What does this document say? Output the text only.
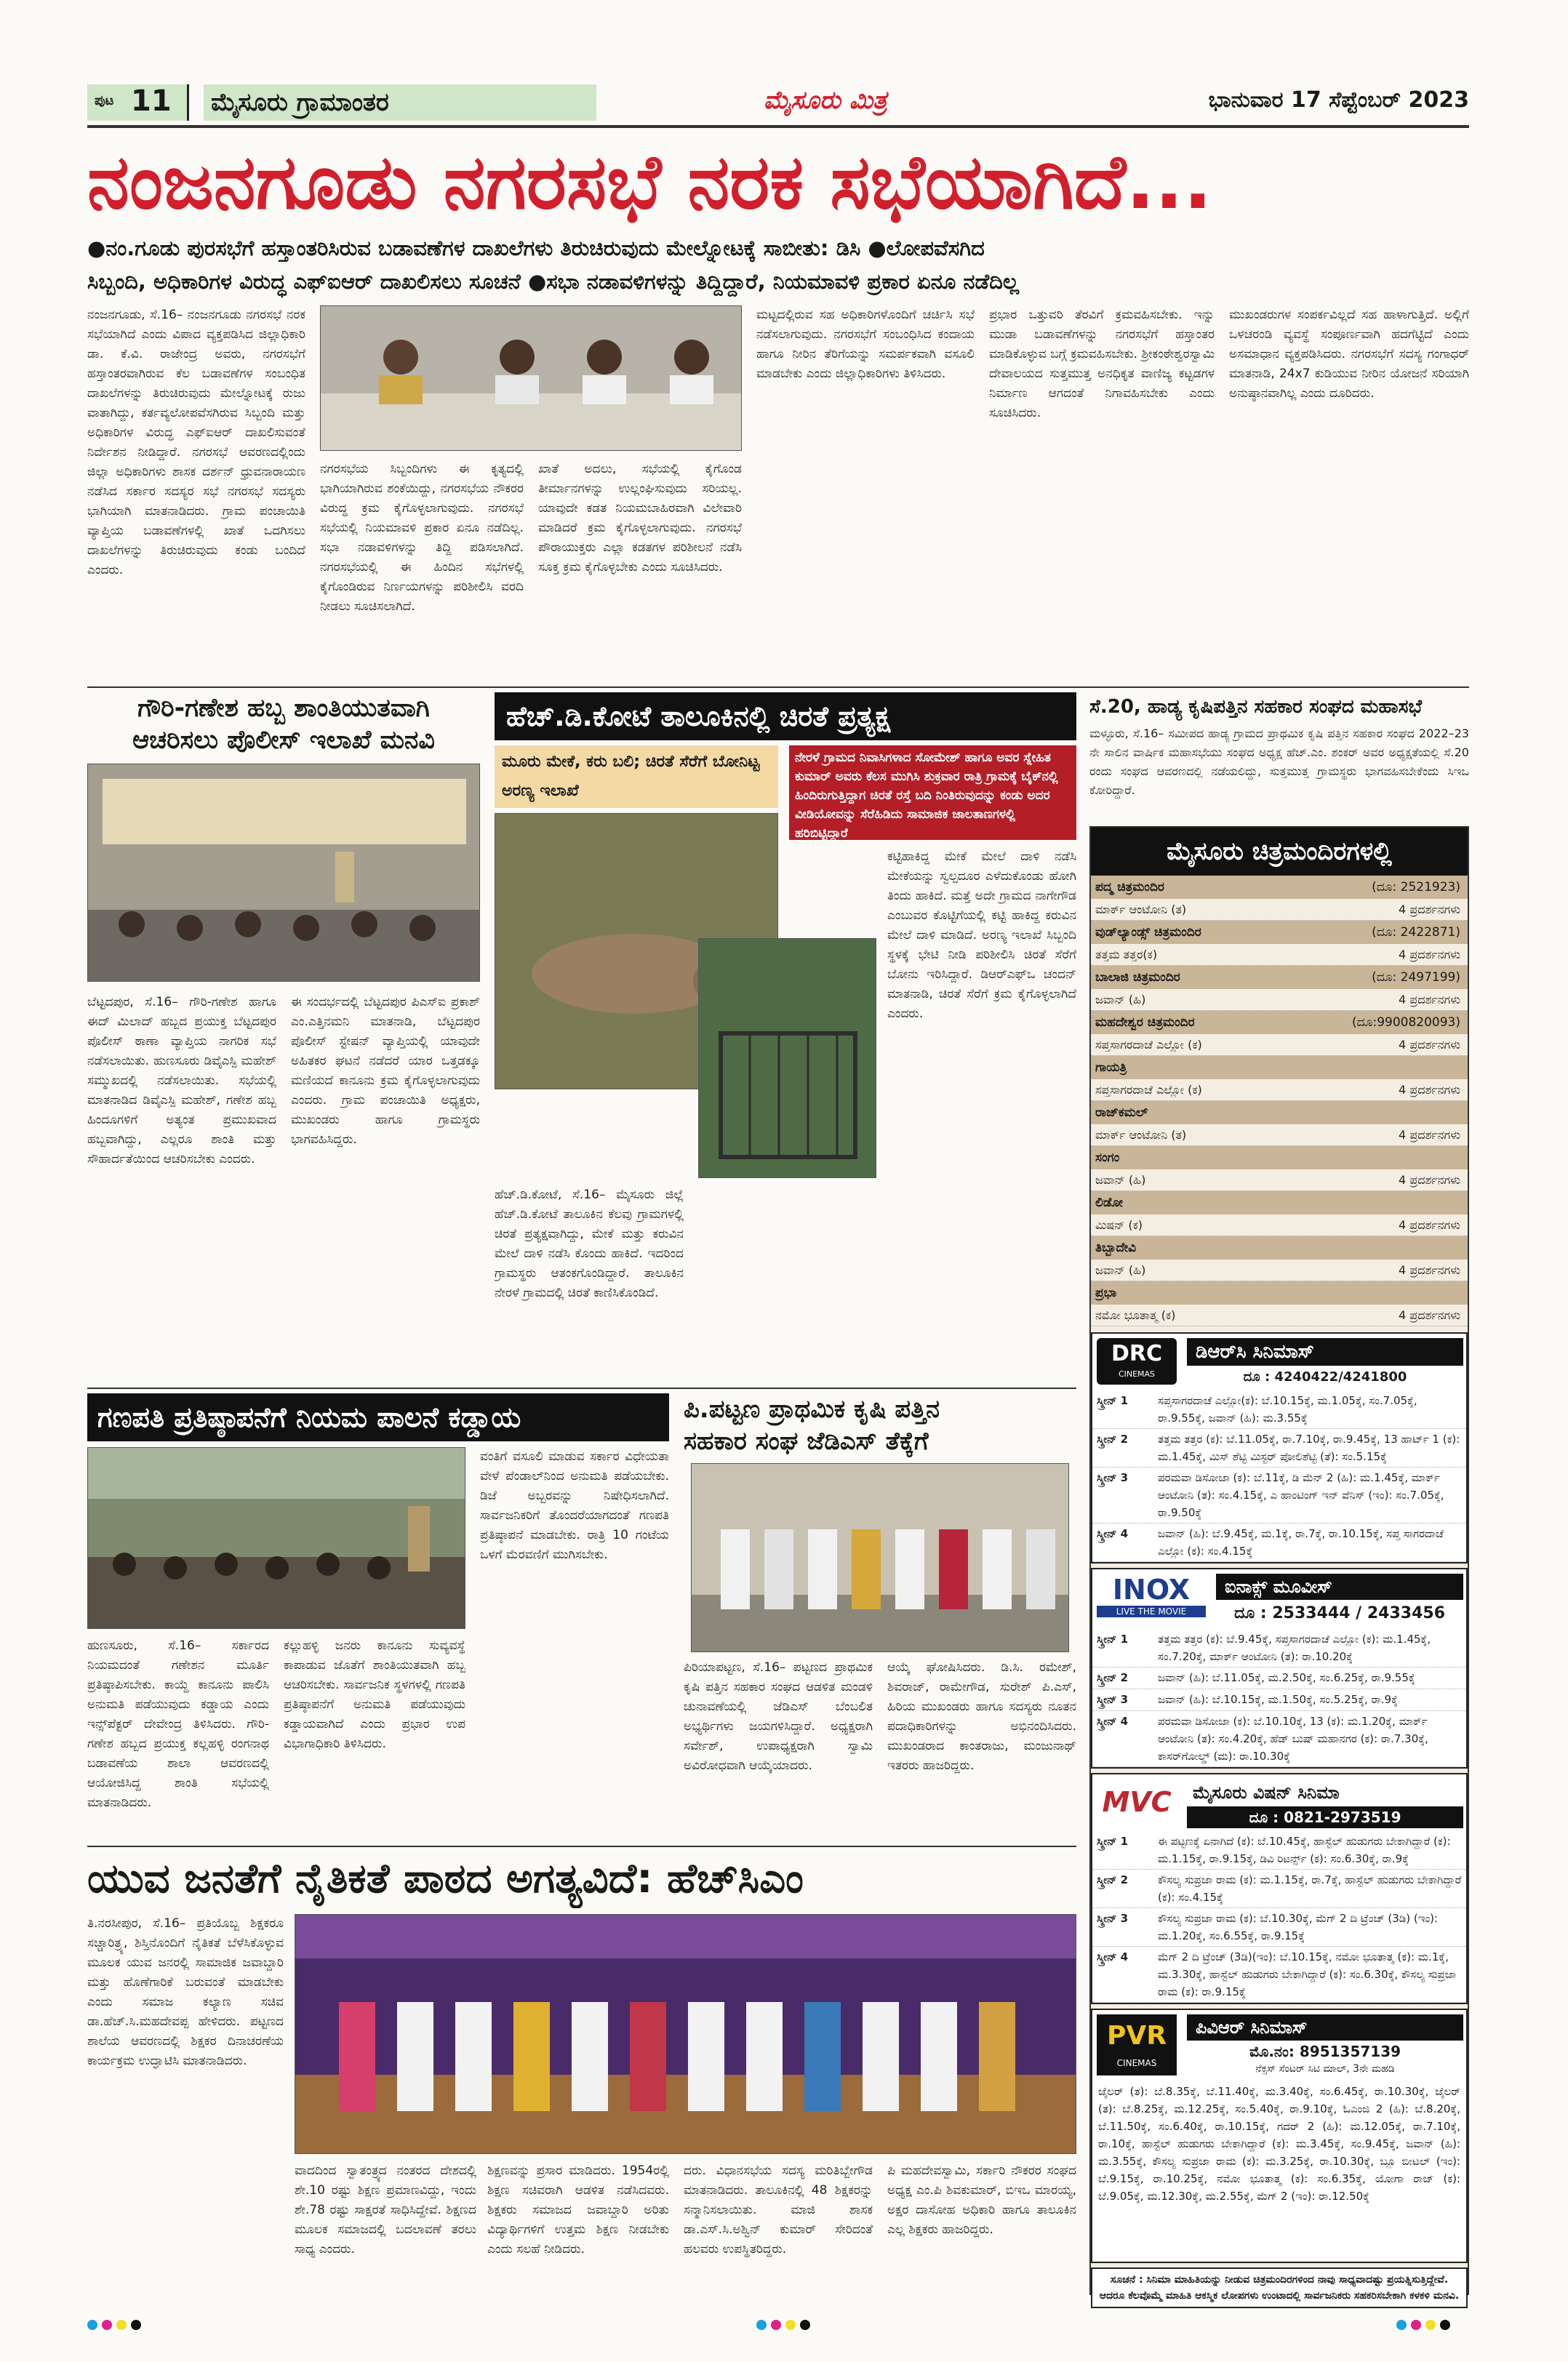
ಪುಟ 11 ಮೈಸೂರು ಗ್ರಾಮಾಂತರ	ಮೈಸೂರು ಮಿತ್ರ	ಭಾನುವಾರ 17 ಸೆಪ್ಟೆಂಬರ್ 2023
ನಂಜನಗೂಡು ನಗರಸಭೆ ನರಕ ಸಭೆಯಾಗಿದೆ...
●ನಂ.ಗೂಡು ಪುರಸಭೆಗೆ ಹಸ್ತಾಂತರಿಸಿರುವ ಬಡಾವಣೆಗಳ ದಾಖಲೆಗಳು ತಿರುಚಿರುವುದು ಮೇಲ್ನೋಟಕ್ಕೆ ಸಾಬೀತು: ಡಿಸಿ ●ಲೋಪವೆಸಗಿದ
ಸಿಬ್ಬಂದಿ, ಅಧಿಕಾರಿಗಳ ವಿರುದ್ಧ ಎಫ್‌ಐಆರ್ ದಾಖಲಿಸಲು ಸೂಚನೆ ●ಸಭಾ ನಡಾವಳಿಗಳನ್ನು ತಿದ್ದಿದ್ದಾರೆ, ನಿಯಮಾವಳಿ ಪ್ರಕಾರ ಏನೂ ನಡೆದಿಲ್ಲ
ನಂಜನಗೂಡು, ಸೆ.16– ನಂಜನಗೂಡು ನಗರಸಭೆ ನರಕ ಸಭೆಯಾಗಿದೆ ಎಂದು ವಿಪಾದ ವ್ಯಕ್ತಪಡಿಸಿದ ಜಿಲ್ಲಾಧಿಕಾರಿ ಡಾ. ಕೆ.ವಿ. ರಾಜೇಂದ್ರ ಅವರು, ನಗರಸಭೆಗೆ ಹಸ್ತಾಂತರವಾಗಿರುವ ಕೆಲ ಬಡಾವಣೆಗಳ ಸಂಬಂಧಿತ ದಾಖಲೆಗಳನ್ನು ತಿರುಚಿರುವುದು ಮೇಲ್ನೋಟಕ್ಕೆ ರುಜು ವಾತಾಗಿದ್ದು, ಕರ್ತವ್ಯಲೋಪವೆಸಗಿರುವ ಸಿಬ್ಬಂದಿ ಮತ್ತು ಅಧಿಕಾರಿಗಳ ವಿರುದ್ಧ ಎಫ್‌ಐಆರ್ ದಾಖಲಿಸುವಂತೆ ನಿರ್ದೇಶನ ನೀಡಿದ್ದಾರೆ. ನಗರಸಭೆ ಆವರಣದಲ್ಲಿಂದು ಜಿಲ್ಲಾ ಅಧಿಕಾರಿಗಳು ಶಾಸಕ ದರ್ಶನ್ ಧ್ರುವನಾರಾಯಣ ನಡೆಸಿದ ಸರ್ಕಾರ ಸದಸ್ಯರ ಸಭೆ ನಗರಸಭೆ ಸದಸ್ಯರು ಭಾಗಿಯಾಗಿ ಮಾತನಾಡಿದರು. ಗ್ರಾಮ ಪಂಚಾಯಿತಿ ವ್ಯಾಪ್ತಿಯ ಬಡಾವಣೆಗಳಲ್ಲಿ ಖಾತೆ ಒದಗಿಸಲು ದಾಖಲೆಗಳನ್ನು ತಿರುಚಿರುವುದು ಕಂಡು ಬಂದಿದೆ ಎಂದರು.
ನಗರಸಭೆಯ ಸಿಬ್ಬಂದಿಗಳು ಈ ಕೃತ್ಯದಲ್ಲಿ ಭಾಗಿಯಾಗಿರುವ ಶಂಕೆಯಿದ್ದು, ನಗರಸಭೆಯ ನೌಕರರ ವಿರುದ್ಧ ಕ್ರಮ ಕೈಗೊಳ್ಳಲಾಗುವುದು. ನಗರಸಭೆ ಸಭೆಯಲ್ಲಿ ನಿಯಮಾವಳಿ ಪ್ರಕಾರ ಏನೂ ನಡೆದಿಲ್ಲ. ಸಭಾ ನಡಾವಳಿಗಳನ್ನು ತಿದ್ದಿ ಪಡಿಸಲಾಗಿದೆ. ನಗರಸಭೆಯಲ್ಲಿ ಈ ಹಿಂದಿನ ಸಭೆಗಳಲ್ಲಿ ಕೈಗೊಂಡಿರುವ ನಿರ್ಣಯಗಳನ್ನು ಪರಿಶೀಲಿಸಿ ವರದಿ ನೀಡಲು ಸೂಚಿಸಲಾಗಿದೆ.
ಖಾತೆ ಅದಲು, ಸಭೆಯಲ್ಲಿ ಕೈಗೊಂಡ ತೀರ್ಮಾನಗಳನ್ನು ಉಲ್ಲಂಘಿಸುವುದು ಸರಿಯಲ್ಲ. ಯಾವುದೇ ಕಡತ ನಿಯಮಬಾಹಿರವಾಗಿ ವಿಲೇವಾರಿ ಮಾಡಿದರೆ ಕ್ರಮ ಕೈಗೊಳ್ಳಲಾಗುವುದು. ನಗರಸಭೆ ಪೌರಾಯುಕ್ತರು ಎಲ್ಲಾ ಕಡತಗಳ ಪರಿಶೀಲನೆ ನಡೆಸಿ ಸೂಕ್ತ ಕ್ರಮ ಕೈಗೊಳ್ಳಬೇಕು ಎಂದು ಸೂಚಿಸಿದರು.
ಮಟ್ಟದಲ್ಲಿರುವ ಸಹ ಅಧಿಕಾರಿಗಳೊಂದಿಗೆ ಚರ್ಚಿಸಿ ಸಭೆ ನಡೆಸಲಾಗುವುದು. ನಗರಸಭೆಗೆ ಸಂಬಂಧಿಸಿದ ಕಂದಾಯ ಹಾಗೂ ನೀರಿನ ತೆರಿಗೆಯನ್ನು ಸಮರ್ಪಕವಾಗಿ ವಸೂಲಿ ಮಾಡಬೇಕು ಎಂದು ಜಿಲ್ಲಾಧಿಕಾರಿಗಳು ತಿಳಿಸಿದರು.
ಪ್ರಭಾರ ಒತ್ತುವರಿ ತೆರವಿಗೆ ಕ್ರಮವಹಿಸಬೇಕು. ಇನ್ನು ಮುಡಾ ಬಡಾವಣೆಗಳನ್ನು ನಗರಸಭೆಗೆ ಹಸ್ತಾಂತರ ಮಾಡಿಕೊಳ್ಳುವ ಬಗ್ಗೆ ಕ್ರಮವಹಿಸಬೇಕು. ಶ್ರೀಕಂಠೇಶ್ವರಸ್ವಾಮಿ ದೇವಾಲಯದ ಸುತ್ತಮುತ್ತ ಅನಧಿಕೃತ ವಾಣಿಜ್ಯ ಕಟ್ಟಡಗಳ ನಿರ್ಮಾಣ ಆಗದಂತೆ ನಿಗಾವಹಿಸಬೇಕು ಎಂದು ಸೂಚಿಸಿದರು.
ಮುಖಂಡರುಗಳ ಸಂಪರ್ಕವಿಲ್ಲದೆ ಸಹ ಹಾಳಾಗುತ್ತಿದೆ. ಅಲ್ಲಿಗೆ ಒಳಚರಂಡಿ ವ್ಯವಸ್ಥೆ ಸಂಪೂರ್ಣವಾಗಿ ಹದಗೆಟ್ಟಿದೆ ಎಂದು ಅಸಮಾಧಾನ ವ್ಯಕ್ತಪಡಿಸಿದರು. ನಗರಸಭೆಗೆ ಸದಸ್ಯ ಗಂಗಾಧರ್ ಮಾತನಾಡಿ, 24x7 ಕುಡಿಯುವ ನೀರಿನ ಯೋಜನೆ ಸರಿಯಾಗಿ ಅನುಷ್ಠಾನವಾಗಿಲ್ಲ ಎಂದು ದೂರಿದರು.
ಗೌರಿ-ಗಣೇಶ ಹಬ್ಬ ಶಾಂತಿಯುತವಾಗಿ
ಆಚರಿಸಲು ಪೊಲೀಸ್ ಇಲಾಖೆ ಮನವಿ
ಬೆಟ್ಟದಪುರ, ಸೆ.16– ಗೌರಿ-ಗಣೇಶ ಹಾಗೂ ಈದ್ ಮಿಲಾದ್ ಹಬ್ಬದ ಪ್ರಯುಕ್ತ ಬೆಟ್ಟದಪುರ ಪೊಲೀಸ್ ಠಾಣಾ ವ್ಯಾಪ್ತಿಯ ನಾಗರಿಕ ಸಭೆ ನಡೆಸಲಾಯಿತು. ಹುಣಸೂರು ಡಿವೈಎಸ್ಪಿ ಮಹೇಶ್ ಸಮ್ಮುಖದಲ್ಲಿ ನಡೆಸಲಾಯಿತು. ಸಭೆಯಲ್ಲಿ ಮಾತನಾಡಿದ ಡಿವೈಎಸ್ಪಿ ಮಹೇಶ್, ಗಣೇಶ ಹಬ್ಬ ಹಿಂದೂಗಳಿಗೆ ಅತ್ಯಂತ ಪ್ರಮುಖವಾದ ಹಬ್ಬವಾಗಿದ್ದು, ಎಲ್ಲರೂ ಶಾಂತಿ ಮತ್ತು ಸೌಹಾರ್ದತೆಯಿಂದ ಆಚರಿಸಬೇಕು ಎಂದರು.
ಈ ಸಂದರ್ಭದಲ್ಲಿ ಬೆಟ್ಟದಪುರ ಪಿಎಸ್ಐ ಪ್ರಕಾಶ್ ಎಂ.ಎತ್ತಿನಮನಿ ಮಾತನಾಡಿ, ಬೆಟ್ಟದಪುರ ಪೊಲೀಸ್ ಸ್ಟೇಷನ್ ವ್ಯಾಪ್ತಿಯಲ್ಲಿ ಯಾವುದೇ ಅಹಿತಕರ ಘಟನೆ ನಡೆದರೆ ಯಾರ ಒತ್ತಡಕ್ಕೂ ಮಣಿಯದೆ ಕಾನೂನು ಕ್ರಮ ಕೈಗೊಳ್ಳಲಾಗುವುದು ಎಂದರು. ಗ್ರಾಮ ಪಂಚಾಯಿತಿ ಅಧ್ಯಕ್ಷರು, ಮುಖಂಡರು ಹಾಗೂ ಗ್ರಾಮಸ್ಥರು ಭಾಗವಹಿಸಿದ್ದರು.
ಹೆಚ್.ಡಿ.ಕೋಟೆ ತಾಲೂಕಿನಲ್ಲಿ ಚಿರತೆ ಪ್ರತ್ಯಕ್ಷ
ಮೂರು ಮೇಕೆ, ಕರು ಬಲಿ; ಚಿರತೆ ಸೆರೆಗೆ ಬೋನಿಟ್ಟ ಅರಣ್ಯ ಇಲಾಖೆ
ನೇರಳೆ ಗ್ರಾಮದ ನಿವಾಸಿಗಳಾದ ಸೋಮೇಶ್ ಹಾಗೂ ಅವರ ಸ್ನೇಹಿತ ಕುಮಾರ್ ಅವರು ಕೆಲಸ ಮುಗಿಸಿ ಶುಕ್ರವಾರ ರಾತ್ರಿ ಗ್ರಾಮಕ್ಕೆ ಬೈಕ್‌ನಲ್ಲಿ ಹಿಂದಿರುಗುತ್ತಿದ್ದಾಗ ಚಿರತೆ ರಸ್ತೆ ಬದಿ ನಿಂತಿರುವುದನ್ನು ಕಂಡು ಅದರ ವೀಡಿಯೋವನ್ನು ಸೆರೆಹಿಡಿದು ಸಾಮಾಜಿಕ ಜಾಲತಾಣಗಳಲ್ಲಿ ಹರಿಬಿಟ್ಟಿದ್ದಾರೆ
ಹೆಚ್.ಡಿ.ಕೋಟೆ, ಸೆ.16– ಮೈಸೂರು ಜಿಲ್ಲೆ ಹೆಚ್.ಡಿ.ಕೋಟೆ ತಾಲೂಕಿನ ಕೆಲವು ಗ್ರಾಮಗಳಲ್ಲಿ ಚಿರತೆ ಪ್ರತ್ಯಕ್ಷವಾಗಿದ್ದು, ಮೇಕೆ ಮತ್ತು ಕರುವಿನ ಮೇಲೆ ದಾಳಿ ನಡೆಸಿ ಕೊಂದು ಹಾಕಿದೆ. ಇದರಿಂದ ಗ್ರಾಮಸ್ಥರು ಆತಂಕಗೊಂಡಿದ್ದಾರೆ. ತಾಲೂಕಿನ ನೇರಳೆ ಗ್ರಾಮದಲ್ಲಿ ಚಿರತೆ ಕಾಣಿಸಿಕೊಂಡಿದೆ.
ಕಟ್ಟಿಹಾಕಿದ್ದ ಮೇಕೆ ಮೇಲೆ ದಾಳಿ ನಡೆಸಿ ಮೇಕೆಯನ್ನು ಸ್ವಲ್ಪದೂರ ಎಳೆದುಕೊಂಡು ಹೋಗಿ ತಿಂದು ಹಾಕಿದೆ. ಮತ್ತೆ ಅದೇ ಗ್ರಾಮದ ನಾಗೇಗೌಡ ಎಂಬುವರ ಕೊಟ್ಟಿಗೆಯಲ್ಲಿ ಕಟ್ಟಿ ಹಾಕಿದ್ದ ಕರುವಿನ ಮೇಲೆ ದಾಳಿ ಮಾಡಿದೆ. ಅರಣ್ಯ ಇಲಾಖೆ ಸಿಬ್ಬಂದಿ ಸ್ಥಳಕ್ಕೆ ಭೇಟಿ ನೀಡಿ ಪರಿಶೀಲಿಸಿ ಚಿರತೆ ಸೆರೆಗೆ ಬೋನು ಇರಿಸಿದ್ದಾರೆ. ಡಿಆರ್‌ಎಫ್ಒ ಚಂದನ್ ಮಾತನಾಡಿ, ಚಿರತೆ ಸೆರೆಗೆ ಕ್ರಮ ಕೈಗೊಳ್ಳಲಾಗಿದೆ ಎಂದರು.
ಸೆ.20, ಹಾಡ್ಯ ಕೃಷಿಪತ್ತಿನ ಸಹಕಾರ ಸಂಘದ ಮಹಾಸಭೆ
ಮಳ್ಳೂರು, ಸೆ.16– ಸಮೀಪದ ಹಾಡ್ಯ ಗ್ರಾಮದ ಪ್ರಾಥಮಿಕ ಕೃಷಿ ಪತ್ತಿನ ಸಹಕಾರ ಸಂಘದ 2022–23 ನೇ ಸಾಲಿನ ವಾರ್ಷಿಕ ಮಹಾಸಭೆಯು ಸಂಘದ ಅಧ್ಯಕ್ಷ ಹೆಚ್.ಎಂ. ಶಂಕರ್ ಅವರ ಅಧ್ಯಕ್ಷತೆಯಲ್ಲಿ ಸೆ.20 ರಂದು ಸಂಘದ ಆವರಣದಲ್ಲಿ ನಡೆಯಲಿದ್ದು, ಸುತ್ತಮುತ್ತ ಗ್ರಾಮಸ್ಥರು ಭಾಗವಹಿಸಬೇಕೆಂದು ಸಿಇಒ ಕೋರಿದ್ದಾರೆ.
ಮೈಸೂರು ಚಿತ್ರಮಂದಿರಗಳಲ್ಲಿ
ಪದ್ಮ ಚಿತ್ರಮಂದಿರ	(ದೂ: 2521923)
ಮಾರ್ಕ್ ಆಂಟೋನಿ (ತ)	4 ಪ್ರದರ್ಶನಗಳು
ವುಡ್‌ಲ್ಯಾಂಡ್ಸ್ ಚಿತ್ರಮಂದಿರ	(ದೂ: 2422871)
ತತ್ತಮ ತತ್ತರ(ಕ)	4 ಪ್ರದರ್ಶನಗಳು
ಬಾಲಾಜಿ ಚಿತ್ರಮಂದಿರ	(ದೂ: 2497199)
ಜವಾನ್ (ಹಿ)	4 ಪ್ರದರ್ಶನಗಳು
ಮಹದೇಶ್ವರ ಚಿತ್ರಮಂದಿರ	(ದೂ:9900820093)
ಸಪ್ತಸಾಗರದಾಚೆ ಎಲ್ಲೋ (ಕ)	4 ಪ್ರದರ್ಶನಗಳು
ಗಾಯತ್ರಿ
ಸಪ್ತಸಾಗರದಾಚೆ ಎಲ್ಲೋ (ಕ)	4 ಪ್ರದರ್ಶನಗಳು
ರಾಜ್‌ಕಮಲ್
ಮಾರ್ಕ್ ಆಂಟೋನಿ (ತ)	4 ಪ್ರದರ್ಶನಗಳು
ಸಂಗಂ
ಜವಾನ್ (ಹಿ)	4 ಪ್ರದರ್ಶನಗಳು
ಲಿಡೋ
ಮಿಷನ್ (ಕ)	4 ಪ್ರದರ್ಶನಗಳು
ತಿಬ್ಬಾದೇವಿ
ಜವಾನ್ (ಹಿ)	4 ಪ್ರದರ್ಶನಗಳು
ಪ್ರಭಾ
ನಮೋ ಭೂತಾತ್ಮ (ಕ)	4 ಪ್ರದರ್ಶನಗಳು
DRC
CINEMAS
ಡಿಆರ್‌ಸಿ ಸಿನಿಮಾಸ್
ದೂ : 4240422/4241800
ಸ್ಕ್ರೀನ್ 1	ಸಪ್ತಸಾಗರದಾಚೆ ಎಲ್ಲೋ(ಕ): ಬೆ.10.15ಕ್ಕೆ, ಮ.1.05ಕ್ಕೆ, ಸಂ.7.05ಕ್ಕೆ, ರಾ.9.55ಕ್ಕೆ, ಜವಾನ್ (ಹಿ): ಮ.3.55ಕ್ಕೆ
ಸ್ಕ್ರೀನ್ 2	ತತ್ತಮ ತತ್ತರ (ಕ): ಬೆ.11.05ಕ್ಕೆ, ರಾ.7.10ಕ್ಕೆ, ರಾ.9.45ಕ್ಕೆ, 13 ಹಾರ್ಟ್ 1 (ಕ): ಮ.1.45ಕ್ಕೆ, ಮಿಸ್ ಶೆಟ್ಟಿ ಮಿಸ್ಟರ್ ಪೋಲಿಶೆಟ್ಟಿ (ತೆ): ಸಂ.5.15ಕ್ಕೆ
ಸ್ಕ್ರೀನ್ 3	ಪರಮವಾ ಡಿಸೋಜಾ (ಕ): ಬೆ.11ಕ್ಕೆ, ಡಿ ಮೆನ್ 2 (ಹಿ): ಮ.1.45ಕ್ಕೆ, ಮಾರ್ಕ್ ಆಂಟೋನಿ (ತ): ಸಂ.4.15ಕ್ಕೆ, ಎ ಹಾಂಟಿಂಗ್ ಇನ್ ವೆನಿಸ್ (ಇಂ): ಸಂ.7.05ಕ್ಕೆ, ರಾ.9.50ಕ್ಕೆ
ಸ್ಕ್ರೀನ್ 4	ಜವಾನ್ (ಹಿ): ಬೆ.9.45ಕ್ಕೆ, ಮ.1ಕ್ಕೆ, ರಾ.7ಕ್ಕೆ, ರಾ.10.15ಕ್ಕೆ, ಸಪ್ತ ಸಾಗರದಾಚೆ ಎಲ್ಲೋ (ಕ): ಸಂ.4.15ಕ್ಕೆ
INOX
LIVE THE MOVIE
ಐನಾಕ್ಸ್ ಮೂವೀಸ್
ದೂ : 2533444 / 2433456
ಸ್ಕ್ರೀನ್ 1	ತತ್ತಮ ತತ್ತರ (ಕ): ಬೆ.9.45ಕ್ಕೆ, ಸಪ್ತಸಾಗರದಾಚೆ ಎಲ್ಲೋ (ಕ): ಮ.1.45ಕ್ಕೆ, ಸಂ.7.20ಕ್ಕೆ, ಮಾರ್ಕ್ ಆಂಟೋನಿ (ತ): ರಾ.10.20ಕ್ಕೆ
ಸ್ಕ್ರೀನ್ 2	ಜವಾನ್ (ಹಿ): ಬೆ.11.05ಕ್ಕೆ, ಮ.2.50ಕ್ಕೆ, ಸಂ.6.25ಕ್ಕೆ, ರಾ.9.55ಕ್ಕೆ
ಸ್ಕ್ರೀನ್ 3	ಜವಾನ್ (ಹಿ): ಬೆ.10.15ಕ್ಕೆ, ಮ.1.50ಕ್ಕೆ, ಸಂ.5.25ಕ್ಕೆ, ರಾ.9ಕ್ಕೆ
ಸ್ಕ್ರೀನ್ 4	ಪರಮವಾ ಡಿಸೋಜಾ (ಕ): ಬೆ.10.10ಕ್ಕೆ, 13 (ಕ): ಮ.1.20ಕ್ಕೆ, ಮಾರ್ಕ್ ಆಂಟೋನಿ (ತ): ಸಂ.4.20ಕ್ಕೆ, ಹೆಡ್ ಬುಷ್ ಮಹಾನಗರ (ಕ): ರಾ.7.30ಕ್ಕೆ, ಕಾಸರ್‌ಗೋಲ್ಡ್ (ಮ): ರಾ.10.30ಕ್ಕೆ
MVC	ಮೈಸೂರು ವಿಷನ್ ಸಿನಿಮಾ
ದೂ : 0821-2973519
ಸ್ಕ್ರೀನ್ 1	ಈ ಪಟ್ಟಣಕ್ಕೆ ಏನಾಗಿದೆ (ಕ): ಬೆ.10.45ಕ್ಕೆ, ಹಾಸ್ಟೆಲ್ ಹುಡುಗರು ಬೇಕಾಗಿದ್ದಾರೆ (ಕ): ಮ.1.15ಕ್ಕೆ, ರಾ.9.15ಕ್ಕೆ, ಡಿವಿ ರಿಟರ್ನ್ಸ್ (ಕ): ಸಂ.6.30ಕ್ಕೆ, ರಾ.9ಕ್ಕೆ
ಸ್ಕ್ರೀನ್ 2	ಕೌಸಲ್ಯ ಸುಪ್ರಜಾ ರಾಮ (ಕ): ಮ.1.15ಕ್ಕೆ, ರಾ.7ಕ್ಕೆ, ಹಾಸ್ಟೆಲ್ ಹುಡುಗರು ಬೇಕಾಗಿದ್ದಾರೆ (ಕ): ಸಂ.4.15ಕ್ಕೆ
ಸ್ಕ್ರೀನ್ 3	ಕೌಸಲ್ಯ ಸುಪ್ರಜಾ ರಾಮ (ಕ): ಬೆ.10.30ಕ್ಕೆ, ಮೆಗ್ 2 ದಿ ಟ್ರೆಂಚ್ (3ಡಿ) (ಇಂ): ಮ.1.20ಕ್ಕೆ, ಸಂ.6.55ಕ್ಕೆ, ರಾ.9.15ಕ್ಕೆ
ಸ್ಕ್ರೀನ್ 4	ಮೆಗ್ 2 ದಿ ಟ್ರೆಂಚ್ (3ಡಿ)(ಇಂ): ಬೆ.10.15ಕ್ಕೆ, ನಮೋ ಭೂತಾತ್ಮ (ಕ): ಮ.1ಕ್ಕೆ, ಮ.3.30ಕ್ಕೆ, ಹಾಸ್ಟೆಲ್ ಹುಡುಗರು ಬೇಕಾಗಿದ್ದಾರೆ (ಕ): ಸಂ.6.30ಕ್ಕೆ, ಕೌಸಲ್ಯ ಸುಪ್ರಜಾ ರಾಮ (ಕ): ರಾ.9.15ಕ್ಕೆ
PVR
CINEMAS
ಪಿವಿಆರ್ ಸಿನಿಮಾಸ್
ಮೊ.ನಂ: 8951357139
ನೆಕ್ಸಸ್ ಸೆಂಟರ್ ಸಿಟಿ ಮಾಲ್, 3ನೇ ಮಹಡಿ
ಜೈಲರ್ (ತ): ಬೆ.8.35ಕ್ಕೆ, ಬೆ.11.40ಕ್ಕೆ, ಮ.3.40ಕ್ಕೆ, ಸಂ.6.45ಕ್ಕೆ, ರಾ.10.30ಕ್ಕೆ, ಜೈಲರ್ (ತ): ಬೆ.8.25ಕ್ಕೆ, ಮ.12.25ಕ್ಕೆ, ಸಂ.5.40ಕ್ಕೆ, ರಾ.9.10ಕ್ಕೆ, ಓಎಂಜಿ 2 (ಹಿ): ಬೆ.8.20ಕ್ಕೆ, ಬೆ.11.50ಕ್ಕೆ, ಸಂ.6.40ಕ್ಕೆ, ರಾ.10.15ಕ್ಕೆ, ಗದರ್ 2 (ಹಿ): ಮ.12.05ಕ್ಕೆ, ರಾ.7.10ಕ್ಕೆ, ರಾ.10ಕ್ಕೆ, ಹಾಸ್ಟೆಲ್ ಹುಡುಗರು ಬೇಕಾಗಿದ್ದಾರೆ (ಕ): ಮ.3.45ಕ್ಕೆ, ಸಂ.9.45ಕ್ಕೆ, ಜವಾನ್ (ಹಿ): ಮ.3.55ಕ್ಕೆ, ಕೌಸಲ್ಯ ಸುಪ್ರಜಾ ರಾಮ (ಕ): ಮ.3.25ಕ್ಕೆ, ರಾ.10.30ಕ್ಕೆ, ಬ್ಲೂ ಬೀಟಲ್ (ಇಂ): ಬೆ.9.15ಕ್ಕೆ, ರಾ.10.25ಕ್ಕೆ, ನಮೋ ಭೂತಾತ್ಮ (ಕ): ಸಂ.6.35ಕ್ಕೆ, ಯೋಗಾ ರಾಜ್ (ಕ): ಬೆ.9.05ಕ್ಕೆ, ಮ.12.30ಕ್ಕೆ, ಮ.2.55ಕ್ಕೆ, ಮೆಗ್ 2 (ಇಂ): ರಾ.12.50ಕ್ಕೆ
ಸೂಚನೆ : ಸಿನಿಮಾ ಮಾಹಿತಿಯನ್ನು ನೀಡುವ ಚಿತ್ರಮಂದಿರಗಳಿಂದ ನಾವು ಸಾಧ್ಯವಾದಷ್ಟು ಪ್ರಯತ್ನಿಸುತ್ತಿದ್ದೇವೆ. ಆದರೂ ಕೆಲವೊಮ್ಮೆ ಮಾಹಿತಿ ಆಕಸ್ಮಿಕ ಲೋಪಗಳು ಉಂಟಾದಲ್ಲಿ ಸಾರ್ವಜನಿಕರು ಸಹಕರಿಸಬೇಕಾಗಿ ಕಳಕಳಿ ಮನವಿ.
ಗಣಪತಿ ಪ್ರತಿಷ್ಠಾಪನೆಗೆ ನಿಯಮ ಪಾಲನೆ ಕಡ್ಡಾಯ
ವಂತಿಗೆ ವಸೂಲಿ ಮಾಡುವ ಸರ್ಕಾರ ವಿಧೇಯತಾ ವೇಳೆ ಪೆಂಡಾಲ್‌ನಿಂದ ಅನುಮತಿ ಪಡೆಯಬೇಕು. ಡಿಜೆ ಅಬ್ಬರವನ್ನು ನಿಷೇಧಿಸಲಾಗಿದೆ. ಸಾರ್ವಜನಿಕರಿಗೆ ತೊಂದರೆಯಾಗದಂತೆ ಗಣಪತಿ ಪ್ರತಿಷ್ಠಾಪನೆ ಮಾಡಬೇಕು. ರಾತ್ರಿ 10 ಗಂಟೆಯ ಒಳಗೆ ಮೆರವಣಿಗೆ ಮುಗಿಸಬೇಕು.
ಹುಣಸೂರು, ಸೆ.16– ಸರ್ಕಾರದ ನಿಯಮದಂತೆ ಗಣೇಶನ ಮೂರ್ತಿ ಪ್ರತಿಷ್ಠಾಪಿಸಬೇಕು. ಕಾಯ್ದೆ ಕಾನೂನು ಪಾಲಿಸಿ ಅನುಮತಿ ಪಡೆಯುವುದು ಕಡ್ಡಾಯ ಎಂದು ಇನ್ಸ್‌ಪೆಕ್ಟರ್ ದೇವೇಂದ್ರ ತಿಳಿಸಿದರು. ಗೌರಿ-ಗಣೇಶ ಹಬ್ಬದ ಪ್ರಯುಕ್ತ ಕಲ್ಲಹಳ್ಳಿ ರಂಗನಾಥ ಬಡಾವಣೆಯ ಶಾಲಾ ಆವರಣದಲ್ಲಿ ಆಯೋಜಿಸಿದ್ದ ಶಾಂತಿ ಸಭೆಯಲ್ಲಿ ಮಾತನಾಡಿದರು.
ಕಲ್ಲುಹಳ್ಳಿ ಜನರು ಕಾನೂನು ಸುವ್ಯವಸ್ಥೆ ಕಾಪಾಡುವ ಜೊತೆಗೆ ಶಾಂತಿಯುತವಾಗಿ ಹಬ್ಬ ಆಚರಿಸಬೇಕು. ಸಾರ್ವಜನಿಕ ಸ್ಥಳಗಳಲ್ಲಿ ಗಣಪತಿ ಪ್ರತಿಷ್ಠಾಪನೆಗೆ ಅನುಮತಿ ಪಡೆಯುವುದು ಕಡ್ಡಾಯವಾಗಿದೆ ಎಂದು ಪ್ರಭಾರ ಉಪ ವಿಭಾಗಾಧಿಕಾರಿ ತಿಳಿಸಿದರು.
ಪಿ.ಪಟ್ಟಣ ಪ್ರಾಥಮಿಕ ಕೃಷಿ ಪತ್ತಿನ
ಸಹಕಾರ ಸಂಘ ಜೆಡಿಎಸ್ ತೆಕ್ಕೆಗೆ
ಪಿರಿಯಾಪಟ್ಟಣ, ಸೆ.16– ಪಟ್ಟಣದ ಪ್ರಾಥಮಿಕ ಕೃಷಿ ಪತ್ತಿನ ಸಹಕಾರ ಸಂಘದ ಆಡಳಿತ ಮಂಡಳಿ ಚುನಾವಣೆಯಲ್ಲಿ ಜೆಡಿಎಸ್ ಬೆಂಬಲಿತ ಅಭ್ಯರ್ಥಿಗಳು ಜಯಗಳಿಸಿದ್ದಾರೆ. ಅಧ್ಯಕ್ಷರಾಗಿ ಸರ್ವೇಶ್, ಉಪಾಧ್ಯಕ್ಷರಾಗಿ ಸ್ವಾಮಿ ಅವಿರೋಧವಾಗಿ ಆಯ್ಕೆಯಾದರು.
ಆಯ್ಕೆ ಘೋಷಿಸಿದರು. ಡಿ.ಸಿ. ರಮೇಶ್, ಶಿವರಾಜ್, ರಾಮೇಗೌಡ, ಸುರೇಶ್ ಪಿ.ಎಸ್, ಹಿರಿಯ ಮುಖಂಡರು ಹಾಗೂ ಸದಸ್ಯರು ನೂತನ ಪದಾಧಿಕಾರಿಗಳನ್ನು ಅಭಿನಂದಿಸಿದರು. ಮುಖಂಡರಾದ ಕಾಂತರಾಜು, ಮಂಜುನಾಥ್ ಇತರರು ಹಾಜರಿದ್ದರು.
ಯುವ ಜನತೆಗೆ ನೈತಿಕತೆ ಪಾಠದ ಅಗತ್ಯವಿದೆ: ಹೆಚ್‌ಸಿಎಂ
ತಿ.ನರಸೀಪುರ, ಸೆ.16– ಪ್ರತಿಯೊಬ್ಬ ಶಿಕ್ಷಕರೂ ಸಚ್ಚಾರಿತ್ರ್ಯ, ಶಿಸ್ತಿನೊಂದಿಗೆ ನೈತಿಕತೆ ಬೆಳೆಸಿಕೊಳ್ಳುವ ಮೂಲಕ ಯುವ ಜನರಲ್ಲಿ ಸಾಮಾಜಿಕ ಜವಾಬ್ದಾರಿ ಮತ್ತು ಹೊಣೆಗಾರಿಕೆ ಬರುವಂತೆ ಮಾಡಬೇಕು ಎಂದು ಸಮಾಜ ಕಲ್ಯಾಣ ಸಚಿವ ಡಾ.ಹೆಚ್.ಸಿ.ಮಹದೇವಪ್ಪ ಹೇಳಿದರು. ಪಟ್ಟಣದ ಶಾಲೆಯ ಆವರಣದಲ್ಲಿ ಶಿಕ್ಷಕರ ದಿನಾಚರಣೆಯ ಕಾರ್ಯಕ್ರಮ ಉದ್ಘಾಟಿಸಿ ಮಾತನಾಡಿದರು.
ವಾದದಿಂದ ಸ್ವಾತಂತ್ರ್ಯದ ನಂತರದ ದೇಶದಲ್ಲಿ ಶೇ.10 ರಷ್ಟು ಶಿಕ್ಷಣ ಪ್ರಮಾಣವಿದ್ದು, ಇಂದು ಶೇ.78 ರಷ್ಟು ಸಾಕ್ಷರತೆ ಸಾಧಿಸಿದ್ದೇವೆ. ಶಿಕ್ಷಣದ ಮೂಲಕ ಸಮಾಜದಲ್ಲಿ ಬದಲಾವಣೆ ತರಲು ಸಾಧ್ಯ ಎಂದರು.
ಶಿಕ್ಷಣವನ್ನು ಪ್ರಸಾರ ಮಾಡಿದರು. 1954ರಲ್ಲಿ ಶಿಕ್ಷಣ ಸಚಿವರಾಗಿ ಆಡಳಿತ ನಡೆಸಿದವರು. ಶಿಕ್ಷಕರು ಸಮಾಜದ ಜವಾಬ್ದಾರಿ ಅರಿತು ವಿದ್ಯಾರ್ಥಿಗಳಿಗೆ ಉತ್ತಮ ಶಿಕ್ಷಣ ನೀಡಬೇಕು ಎಂದು ಸಲಹೆ ನೀಡಿದರು.
ದರು. ವಿಧಾನಸಭೆಯ ಸದಸ್ಯ ಮರಿತಿಬ್ಬೇಗೌಡ ಮಾತನಾಡಿದರು. ತಾಲೂಕಿನಲ್ಲಿ 48 ಶಿಕ್ಷಕರನ್ನು ಸನ್ಮಾನಿಸಲಾಯಿತು. ಮಾಜಿ ಶಾಸಕ ಡಾ.ಎಸ್.ಸಿ.ಅಶ್ವಿನ್ ಕುಮಾರ್ ಸೇರಿದಂತೆ ಹಲವರು ಉಪಸ್ಥಿತರಿದ್ದರು.
ಪಿ ಮಹದೇವಸ್ವಾಮಿ, ಸರ್ಕಾರಿ ನೌಕರರ ಸಂಘದ ಅಧ್ಯಕ್ಷ ಎಂ.ಪಿ ಶಿವಕುಮಾರ್, ಬಿಇಒ ಮಾರಯ್ಯ, ಅಕ್ಷರ ದಾಸೋಹ ಅಧಿಕಾರಿ ಹಾಗೂ ತಾಲೂಕಿನ ಎಲ್ಲ ಶಿಕ್ಷಕರು ಹಾಜರಿದ್ದರು.
